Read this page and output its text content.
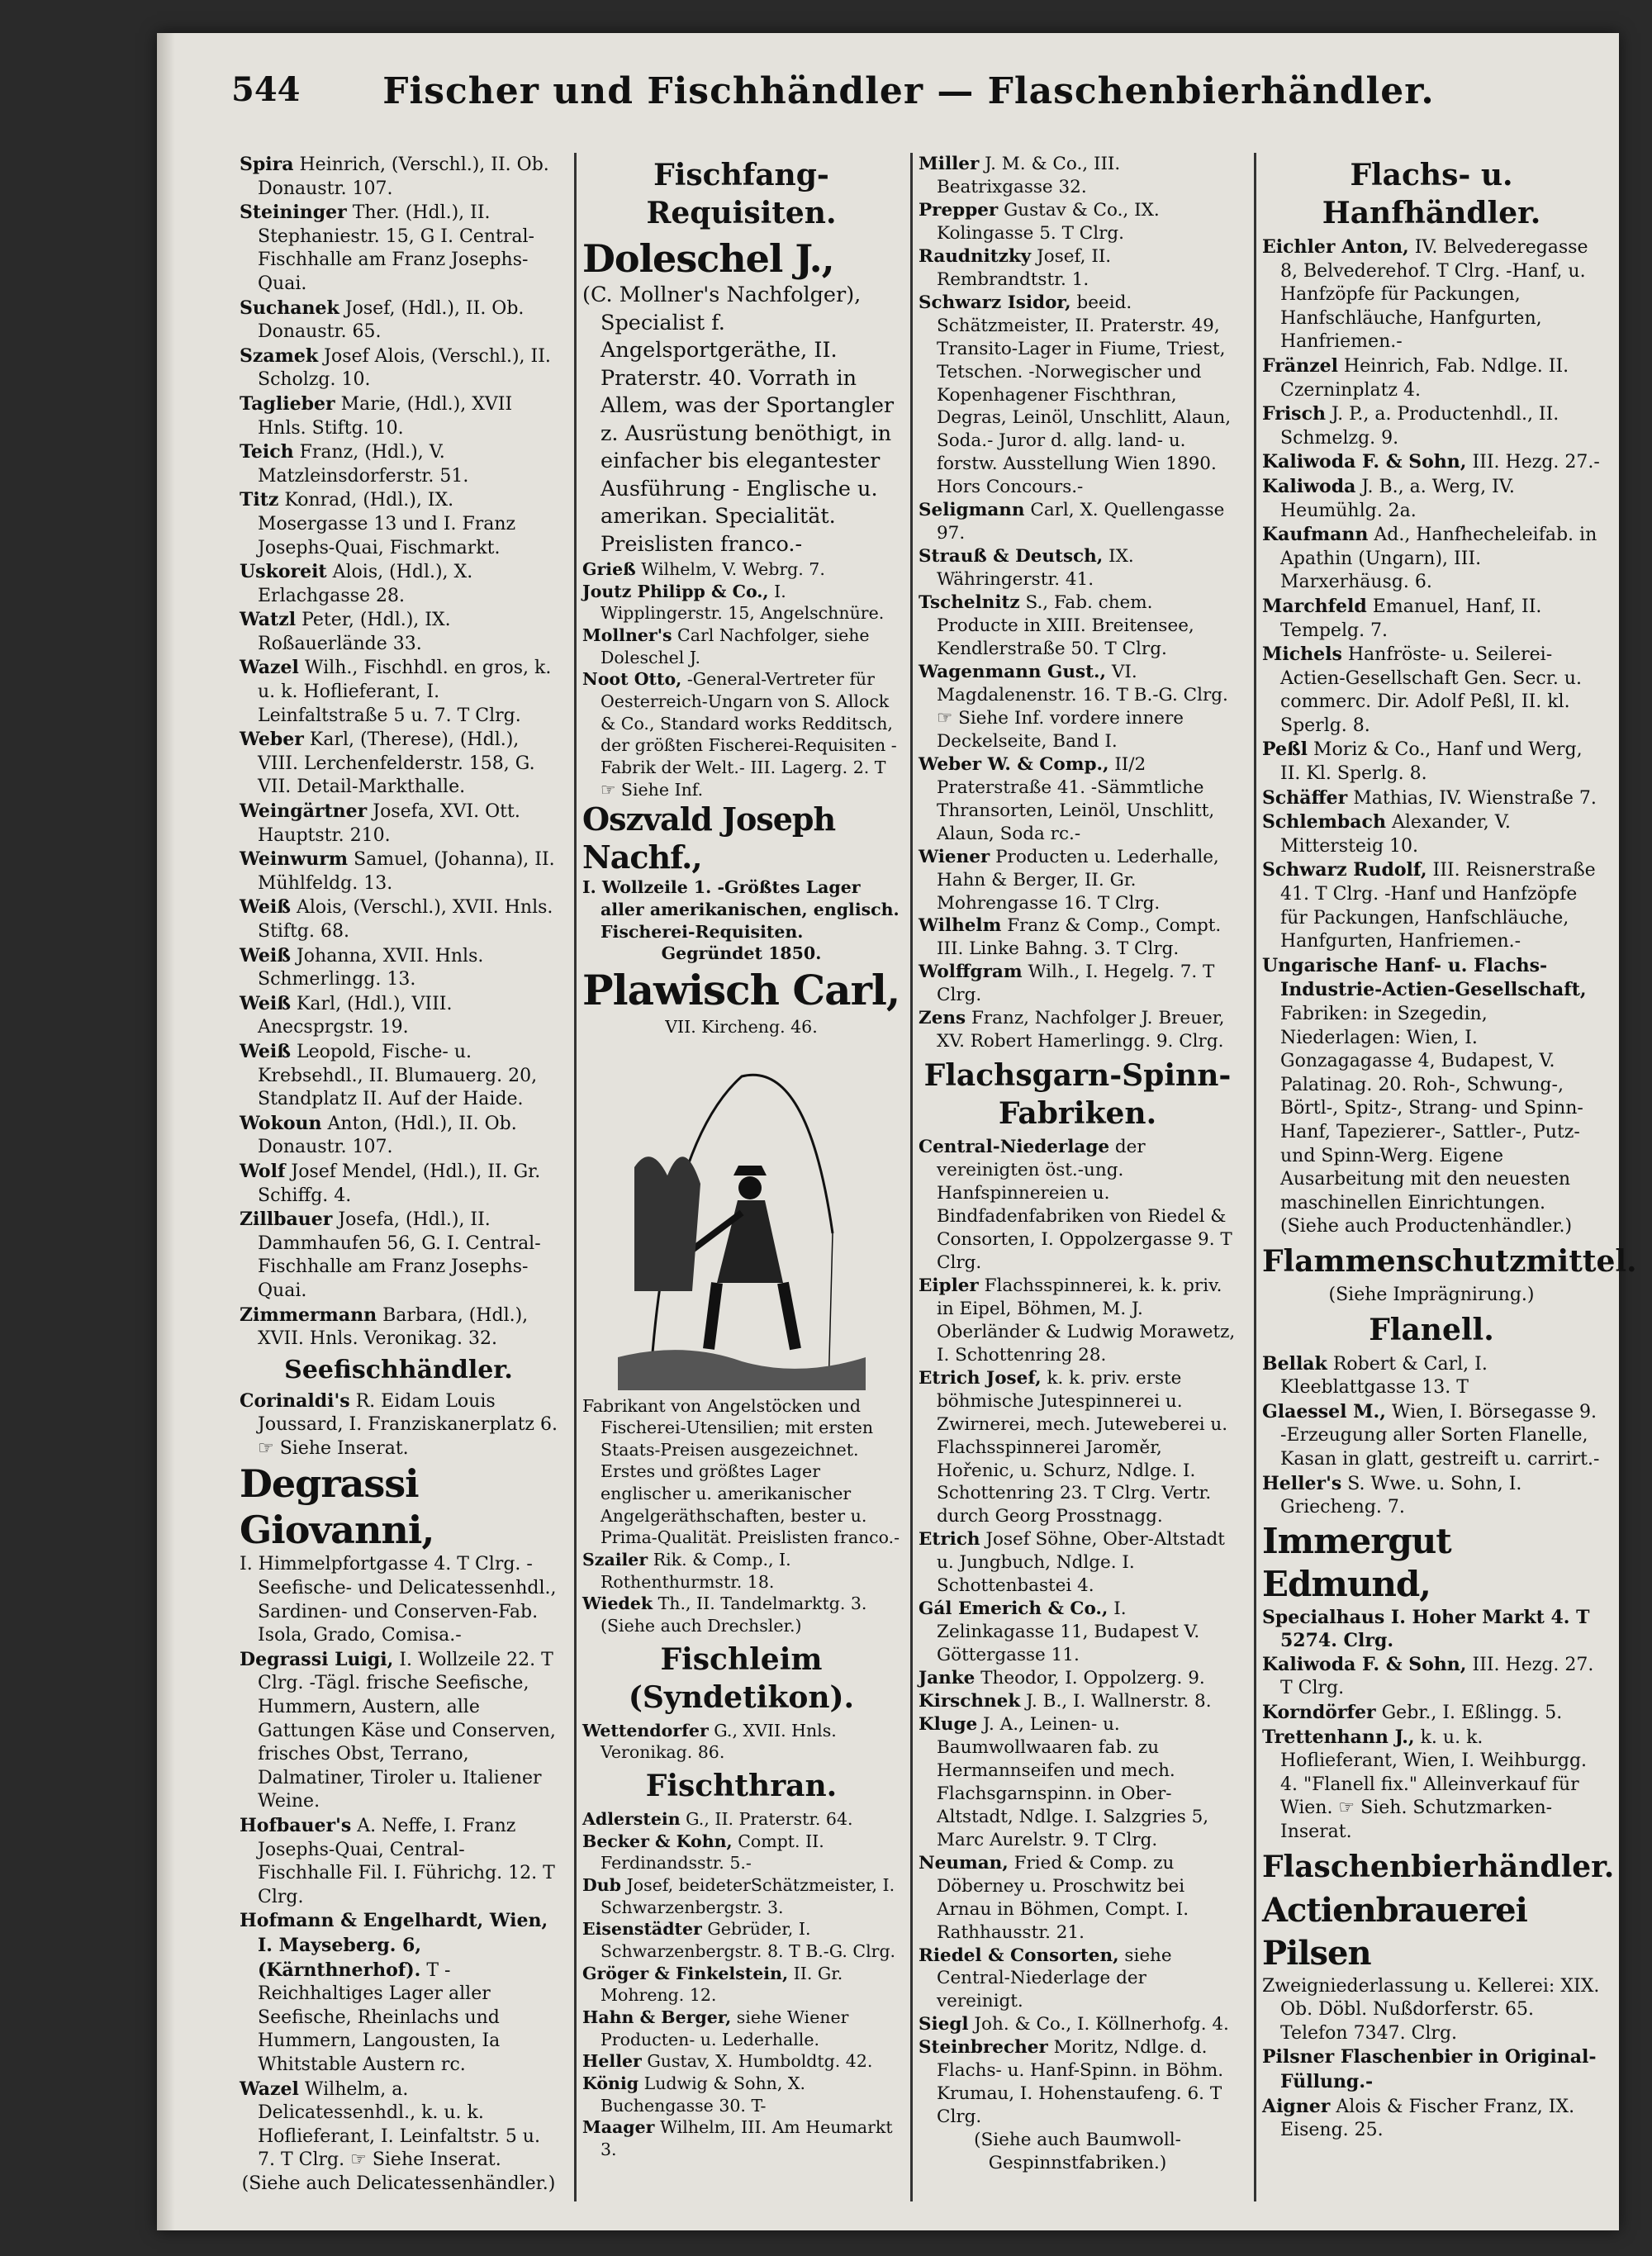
544	Fischer und Fischhändler — Flaschenbierhändler.

Spira Heinrich, (Verschl.), II. Ob. Donaustr. 107.

Steininger Ther. (Hdl.), II. Stephaniestr. 15, G I. Central-Fischhalle am Franz Josephs-Quai.

Suchanek Josef, (Hdl.), II. Ob. Donaustr. 65.

Szamek Josef Alois, (Verschl.), II. Scholzg. 10.

Taglieber Marie, (Hdl.), XVII Hnls. Stiftg. 10.

Teich Franz, (Hdl.), V. Matzleinsdorferstr. 51.

Titz Konrad, (Hdl.), IX. Mosergasse 13 und I. Franz Josephs-Quai, Fischmarkt.

Uskoreit Alois, (Hdl.), X. Erlachgasse 28.

Watzl Peter, (Hdl.), IX. Roßauerlände 33.

Wazel Wilh., Fischhdl. en gros, k. u. k. Hoflieferant, I. Leinfaltstraße 5 u. 7. T Clrg.

Weber Karl, (Therese), (Hdl.), VIII. Lerchenfelderstr. 158, G. VII. Detail-Markthalle.

Weingärtner Josefa, XVI. Ott. Hauptstr. 210.

Weinwurm Samuel, (Johanna), II. Mühlfeldg. 13.

Weiß Alois, (Verschl.), XVII. Hnls. Stiftg. 68.

Weiß Johanna, XVII. Hnls. Schmerlingg. 13.

Weiß Karl, (Hdl.), VIII. Anecsprgstr. 19.

Weiß Leopold, Fische- u. Krebsehdl., II. Blumauerg. 20, Standplatz II. Auf der Haide.

Wokoun Anton, (Hdl.), II. Ob. Donaustr. 107.

Wolf Josef Mendel, (Hdl.), II. Gr. Schiffg. 4.

Zillbauer Josefa, (Hdl.), II. Dammhaufen 56, G. I. Central-Fischhalle am Franz Josephs-Quai.

Zimmermann Barbara, (Hdl.), XVII. Hnls. Veronikag. 32.

Seefischhändler.

Corinaldi's R. Eidam Louis Joussard, I. Franziskanerplatz 6. ☞ Siehe Inserat.

Degrassi Giovanni,

I. Himmelpfortgasse 4. T Clrg. -Seefische- und Delicatessenhdl., Sardinen- und Conserven-Fab. Isola, Grado, Comisa.-

Degrassi Luigi, I. Wollzeile 22. T Clrg. -Tägl. frische Seefische, Hummern, Austern, alle Gattungen Käse und Conserven, frisches Obst, Terrano, Dalmatiner, Tiroler u. Italiener Weine.

Hofbauer's A. Neffe, I. Franz Josephs-Quai, Central-Fischhalle Fil. I. Führichg. 12. T Clrg.

Hofmann & Engelhardt, Wien, I. Mayseberg. 6, (Kärnthnerhof). T -Reichhaltiges Lager aller Seefische, Rheinlachs und Hummern, Langousten, Ia Whitstable Austern rc.

Wazel Wilhelm, a. Delicatessenhdl., k. u. k. Hoflieferant, I. Leinfaltstr. 5 u. 7. T Clrg. ☞ Siehe Inserat.

(Siehe auch Delicatessenhändler.)
Fischfang-Requisiten.
Doleschel J.,

(C. Mollner's Nachfolger), Specialist f. Angelsportgeräthe, II. Praterstr. 40. Vorrath in Allem, was der Sportangler z. Ausrüstung benöthigt, in einfacher bis elegantester Ausführung - Englische u. amerikan. Specialität. Preislisten franco.-

Grieß Wilhelm, V. Webrg. 7.

Joutz Philipp & Co., I. Wipplingerstr. 15, Angelschnüre.

Mollner's Carl Nachfolger, siehe Doleschel J.

Noot Otto, -General-Vertreter für Oesterreich-Ungarn von S. Allock & Co., Standard works Redditsch, der größten Fischerei-Requisiten - Fabrik der Welt.- III. Lagerg. 2. T ☞ Siehe Inf.

Oszvald Joseph Nachf.,

I. Wollzeile 1. -Größtes Lager aller amerikanischen, englisch. Fischerei-Requisiten.

Gegründet 1850.
Plawisch Carl,
VII. Kircheng. 46.

Fabrikant von Angelstöcken und Fischerei-Utensilien; mit ersten Staats-Preisen ausgezeichnet. Erstes und größtes Lager englischer u. amerikanischer Angelgeräthschaften, bester u. Prima-Qualität. Preislisten franco.-

Szailer Rik. & Comp., I. Rothenthurmstr. 18.

Wiedek Th., II. Tandelmarktg. 3. (Siehe auch Drechsler.)

Fischleim (Syndetikon).

Wettendorfer G., XVII. Hnls. Veronikag. 86.

Fischthran.

Adlerstein G., II. Praterstr. 64.

Becker & Kohn, Compt. II. Ferdinandsstr. 5.-

Dub Josef, beideterSchätzmeister, I. Schwarzenbergstr. 3.

Eisenstädter Gebrüder, I. Schwarzenbergstr. 8. T B.-G. Clrg.

Gröger & Finkelstein, II. Gr. Mohreng. 12.

Hahn & Berger, siehe Wiener Producten- u. Lederhalle.

Heller Gustav, X. Humboldtg. 42.

König Ludwig & Sohn, X. Buchengasse 30. T-

Maager Wilhelm, III. Am Heumarkt 3.

Miller J. M. & Co., III. Beatrixgasse 32.

Prepper Gustav & Co., IX. Kolingasse 5. T Clrg.

Raudnitzky Josef, II. Rembrandtstr. 1.

Schwarz Isidor, beeid. Schätzmeister, II. Praterstr. 49, Transito-Lager in Fiume, Triest, Tetschen. -Norwegischer und Kopenhagener Fischthran, Degras, Leinöl, Unschlitt, Alaun, Soda.- Juror d. allg. land- u. forstw. Ausstellung Wien 1890. Hors Concours.-

Seligmann Carl, X. Quellengasse 97.

Strauß & Deutsch, IX. Währingerstr. 41.

Tschelnitz S., Fab. chem. Producte in XIII. Breitensee, Kendlerstraße 50. T Clrg.

Wagenmann Gust., VI. Magdalenenstr. 16. T B.-G. Clrg. ☞ Siehe Inf. vordere innere Deckelseite, Band I.

Weber W. & Comp., II/2 Praterstraße 41. -Sämmtliche Thransorten, Leinöl, Unschlitt, Alaun, Soda rc.-

Wiener Producten u. Lederhalle, Hahn & Berger, II. Gr. Mohrengasse 16. T Clrg.

Wilhelm Franz & Comp., Compt. III. Linke Bahng. 3. T Clrg.

Wolffgram Wilh., I. Hegelg. 7. T Clrg.

Zens Franz, Nachfolger J. Breuer, XV. Robert Hamerlingg. 9. Clrg.

Flachsgarn-Spinn-Fabriken.

Central-Niederlage der vereinigten öst.-ung. Hanfspinnereien u. Bindfadenfabriken von Riedel & Consorten, I. Oppolzergasse 9. T Clrg.

Eipler Flachsspinnerei, k. k. priv. in Eipel, Böhmen, M. J. Oberländer & Ludwig Morawetz, I. Schottenring 28.

Etrich Josef, k. k. priv. erste böhmische Jutespinnerei u. Zwirnerei, mech. Juteweberei u. Flachsspinnerei Jaroměr, Hořenic, u. Schurz, Ndlge. I. Schottenring 23. T Clrg. Vertr. durch Georg Prosstnagg.

Etrich Josef Söhne, Ober-Altstadt u. Jungbuch, Ndlge. I. Schottenbastei 4.

Gál Emerich & Co., I. Zelinkagasse 11, Budapest V. Göttergasse 11.

Janke Theodor, I. Oppolzerg. 9.

Kirschnek J. B., I. Wallnerstr. 8.

Kluge J. A., Leinen- u. Baumwollwaaren fab. zu Hermannseifen und mech. Flachsgarnspinn. in Ober-Altstadt, Ndlge. I. Salzgries 5, Marc Aurelstr. 9. T Clrg.

Neuman, Fried & Comp. zu Döberney u. Proschwitz bei Arnau in Böhmen, Compt. I. Rathhausstr. 21.

Riedel & Consorten, siehe Central-Niederlage der vereinigt.

Siegl Joh. & Co., I. Köllnerhofg. 4.

Steinbrecher Moritz, Ndlge. d. Flachs- u. Hanf-Spinn. in Böhm. Krumau, I. Hohenstaufeng. 6. T Clrg.

(Siehe auch Baumwoll-Gespinnstfabriken.)
Flachs- u. Hanfhändler.

Eichler Anton, IV. Belvederegasse 8, Belvederehof. T Clrg. -Hanf, u. Hanfzöpfe für Packungen, Hanfschläuche, Hanfgurten, Hanfriemen.-

Fränzel Heinrich, Fab. Ndlge. II. Czerninplatz 4.

Frisch J. P., a. Productenhdl., II. Schmelzg. 9.

Kaliwoda F. & Sohn, III. Hezg. 27.-

Kaliwoda J. B., a. Werg, IV. Heumühlg. 2a.

Kaufmann Ad., Hanfhecheleifab. in Apathin (Ungarn), III. Marxerhäusg. 6.

Marchfeld Emanuel, Hanf, II. Tempelg. 7.

Michels Hanfröste- u. Seilerei-Actien-Gesellschaft Gen. Secr. u. commerc. Dir. Adolf Peßl, II. kl. Sperlg. 8.

Peßl Moriz & Co., Hanf und Werg, II. Kl. Sperlg. 8.

Schäffer Mathias, IV. Wienstraße 7.

Schlembach Alexander, V. Mittersteig 10.

Schwarz Rudolf, III. Reisnerstraße 41. T Clrg. -Hanf und Hanfzöpfe für Packungen, Hanfschläuche, Hanfgurten, Hanfriemen.-

Ungarische Hanf- u. Flachs-Industrie-Actien-Gesellschaft, Fabriken: in Szegedin, Niederlagen: Wien, I. Gonzagagasse 4, Budapest, V. Palatinag. 20. Roh-, Schwung-, Börtl-, Spitz-, Strang- und Spinn-Hanf, Tapezierer-, Sattler-, Putz- und Spinn-Werg. Eigene Ausarbeitung mit den neuesten maschinellen Einrichtungen. (Siehe auch Productenhändler.)

Flammenschutzmittel.
(Siehe Imprägnirung.)
Flanell.

Bellak Robert & Carl, I. Kleeblattgasse 13. T

Glaessel M., Wien, I. Börsegasse 9. -Erzeugung aller Sorten Flanelle, Kasan in glatt, gestreift u. carrirt.-

Heller's S. Wwe. u. Sohn, I. Griecheng. 7.

Immergut Edmund,

Specialhaus I. Hoher Markt 4. T 5274. Clrg.

Kaliwoda F. & Sohn, III. Hezg. 27. T Clrg.

Korndörfer Gebr., I. Eßlingg. 5.

Trettenhann J., k. u. k. Hoflieferant, Wien, I. Weihburgg. 4. "Flanell fix." Alleinverkauf für Wien. ☞ Sieh. Schutzmarken-Inserat.

Flaschenbierhändler.
Actienbrauerei Pilsen

Zweigniederlassung u. Kellerei: XIX. Ob. Döbl. Nußdorferstr. 65. Telefon 7347. Clrg.

Pilsner Flaschenbier in Original-Füllung.-

Aigner Alois & Fischer Franz, IX. Eiseng. 25.
